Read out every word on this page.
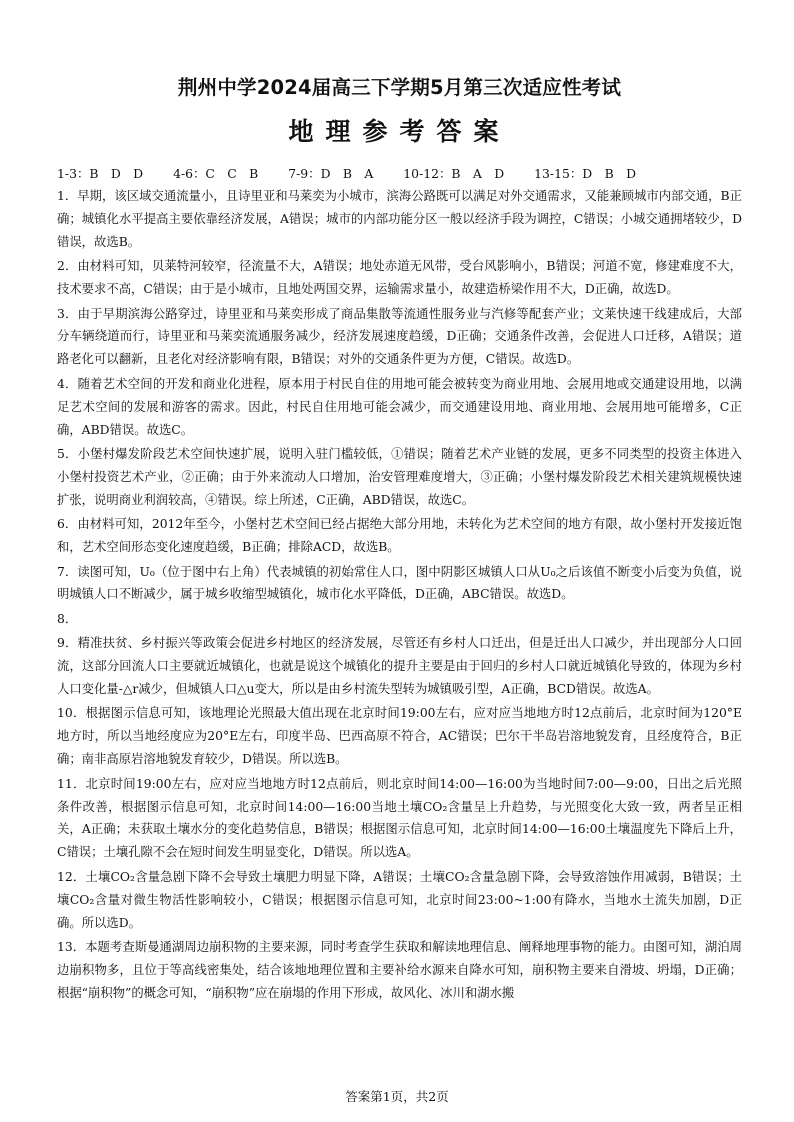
荆州中学2024届高三下学期5月第三次适应性考试
地理参考答案
1-3：B　D　D 4-6：C　C　B 7-9：D　B　A 10-12：B　A　D 13-15：D　B　D
1．早期，该区域交通流量小，且诗里亚和马莱奕为小城市，滨海公路既可以满足对外交通需求，又能兼顾城市内部交通，B正确；城镇化水平提高主要依靠经济发展，A错误；城市的内部功能分区一般以经济手段为调控，C错误；小城交通拥堵较少，D错误，故选B。
2．由材料可知，贝莱特河较窄，径流量不大，A错误；地处赤道无风带，受台风影响小，B错误；河道不宽，修建难度不大，技术要求不高，C错误；由于是小城市，且地处两国交界，运输需求量小，故建造桥梁作用不大，D正确，故选D。
3．由于早期滨海公路穿过，诗里亚和马莱奕形成了商品集散等流通性服务业与汽修等配套产业；文莱快速干线建成后，大部分车辆绕道而行，诗里亚和马莱奕流通服务减少，经济发展速度趋缓，D正确；交通条件改善，会促进人口迁移，A错误；道路老化可以翻新，且老化对经济影响有限，B错误；对外的交通条件更为方便，C错误。故选D。
4．随着艺术空间的开发和商业化进程，原本用于村民自住的用地可能会被转变为商业用地、会展用地或交通建设用地，以满足艺术空间的发展和游客的需求。因此，村民自住用地可能会减少，而交通建设用地、商业用地、会展用地可能增多，C正确，ABD错误。故选C。
5．小堡村爆发阶段艺术空间快速扩展，说明入驻门槛较低，①错误；随着艺术产业链的发展，更多不同类型的投资主体进入小堡村投资艺术产业，②正确；由于外来流动人口增加，治安管理难度增大，③正确；小堡村爆发阶段艺术相关建筑规模快速扩张，说明商业利润较高，④错误。综上所述，C正确，ABD错误，故选C。
6．由材料可知，2012年至今，小堡村艺术空间已经占据绝大部分用地，未转化为艺术空间的地方有限，故小堡村开发接近饱和，艺术空间形态变化速度趋缓，B正确；排除ACD，故选B。
7．读图可知，U₀（位于图中右上角）代表城镇的初始常住人口，图中阴影区城镇人口从U₀之后该值不断变小后变为负值，说明城镇人口不断减少，属于城乡收缩型城镇化，城市化水平降低，D正确，ABC错误。故选D。
8．
9．精准扶贫、乡村振兴等政策会促进乡村地区的经济发展，尽管还有乡村人口迁出，但是迁出人口减少，并出现部分人口回流，这部分回流人口主要就近城镇化，也就是说这个城镇化的提升主要是由于回归的乡村人口就近城镇化导致的，体现为乡村人口变化量-△r减少，但城镇人口△u变大，所以是由乡村流失型转为城镇吸引型，A正确，BCD错误。故选A。
10．根据图示信息可知，该地理论光照最大值出现在北京时间19:00左右，应对应当地地方时12点前后，北京时间为120°E地方时，所以当地经度应为20°E左右，印度半岛、巴西高原不符合，AC错误；巴尔干半岛岩溶地貌发育，且经度符合，B正确；南非高原岩溶地貌发育较少，D错误。所以选B。
11．北京时间19:00左右，应对应当地地方时12点前后，则北京时间14:00—16:00为当地时间7:00—9:00，日出之后光照条件改善，根据图示信息可知，北京时间14:00—16:00当地土壤CO₂含量呈上升趋势，与光照变化大致一致，两者呈正相关，A正确；未获取土壤水分的变化趋势信息，B错误；根据图示信息可知，北京时间14:00—16:00土壤温度先下降后上升，C错误；土壤孔隙不会在短时间发生明显变化，D错误。所以选A。
12．土壤CO₂含量急剧下降不会导致土壤肥力明显下降，A错误；土壤CO₂含量急剧下降，会导致溶蚀作用减弱，B错误；土壤CO₂含量对微生物活性影响较小，C错误；根据图示信息可知，北京时间23:00~1:00有降水，当地水土流失加剧，D正确。所以选D。
13．本题考查斯曼通湖周边崩积物的主要来源，同时考查学生获取和解读地理信息、阐释地理事物的能力。由图可知，湖泊周边崩积物多，且位于等高线密集处，结合该地地理位置和主要补给水源来自降水可知，崩积物主要来自滑坡、坍塌，D正确；根据“崩积物”的概念可知，“崩积物”应在崩塌的作用下形成，故风化、冰川和湖水搬
答案第1页，共2页
